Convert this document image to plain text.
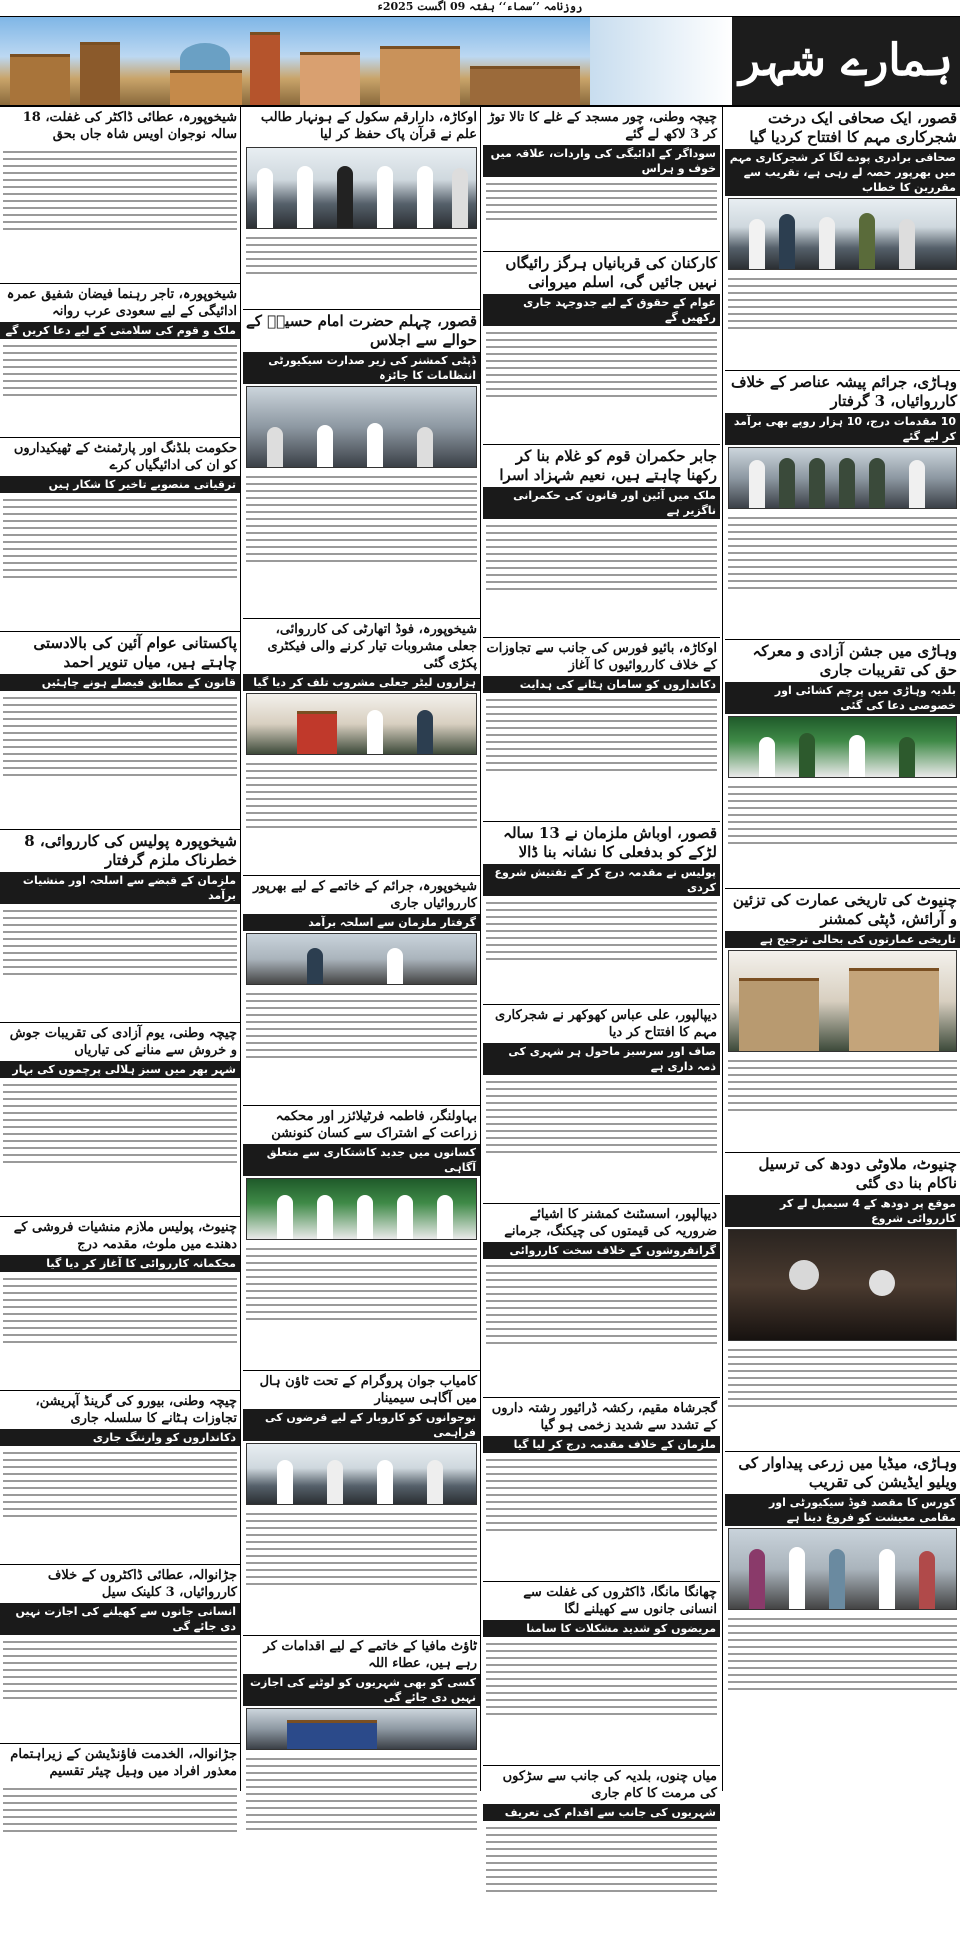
روزنامہ ’’سماء‘‘ ہفتہ 09 اگست 2025ء
ہمارے شہر
قصور، ایک صحافی ایک درخت شجرکاری مہم کا افتتاح کردیا گیا
صحافی برادری پودے لگا کر شجرکاری مہم میں بھرپور حصہ لے رہی ہے، تقریب سے مقررین کا خطاب
وہاڑی، جرائم پیشہ عناصر کے خلاف کارروائیاں، 3 گرفتار
10 مقدمات درج، 10 ہزار روپے بھی برآمد کر لیے گئے
وہاڑی میں جشن آزادی و معرکہ حق کی تقریبات جاری
بلدیہ وہاڑی میں پرچم کشائی اور خصوصی دعا کی گئی
چنیوٹ کی تاریخی عمارت کی تزئین و آرائش، ڈپٹی کمشنر
تاریخی عمارتوں کی بحالی ترجیح ہے
چنیوٹ، ملاوٹی دودھ کی ترسیل ناکام بنا دی گئی
موقع پر دودھ کے 4 سیمپل لے کر کارروائی شروع
وہاڑی، میڈیا میں زرعی پیداوار کی ویلیو ایڈیشن کی تقریب
کورس کا مقصد فوڈ سیکیورٹی اور مقامی معیشت کو فروغ دینا ہے
چیچہ وطنی، چور مسجد کے غلے کا تالا توڑ کر 3 لاکھ لے گئے
سوداگر کے ادائیگی کی واردات، علاقہ میں خوف و ہراس
کارکنان کی قربانیاں ہرگز رائیگاں نہیں جائیں گی، اسلم میروانی
عوام کے حقوق کے لیے جدوجہد جاری رکھیں گے
جابر حکمران قوم کو غلام بنا کر رکھنا چاہتے ہیں، نعیم شہزاد اسرا
ملک میں آئین اور قانون کی حکمرانی ناگزیر ہے
اوکاڑہ، بائیو فورس کی جانب سے تجاوزات کے خلاف کارروائیوں کا آغاز
دکانداروں کو سامان ہٹانے کی ہدایت
قصور، اوباش ملزمان نے 13 سالہ لڑکے کو بدفعلی کا نشانہ بنا ڈالا
پولیس نے مقدمہ درج کر کے تفتیش شروع کردی
دیپالپور، علی عباس کھوکھر نے شجرکاری مہم کا افتتاح کر دیا
صاف اور سرسبز ماحول ہر شہری کی ذمہ داری ہے
دیپالپور، اسسٹنٹ کمشنر کا اشیائے ضروریہ کی قیمتوں کی چیکنگ، جرمانے
گرانفروشوں کے خلاف سخت کارروائی
گجرشاہ مقیم، رکشہ ڈرائیور رشتہ داروں کے تشدد سے شدید زخمی ہو گیا
ملزمان کے خلاف مقدمہ درج کر لیا گیا
چھانگا مانگا، ڈاکٹروں کی غفلت سے انسانی جانوں سے کھیلنے لگا
مریضوں کو شدید مشکلات کا سامنا
میاں چنوں، بلدیہ کی جانب سے سڑکوں کی مرمت کا کام جاری
شہریوں کی جانب سے اقدام کی تعریف
اوکاڑہ، دارارقم سکول کے ہونہار طالب علم نے قرآن پاک حفظ کر لیا
قصور، چہلم حضرت امام حسینؑ کے حوالے سے اجلاس
ڈپٹی کمشنر کی زیر صدارت سیکیورٹی انتظامات کا جائزہ
شیخوپورہ، فوڈ اتھارٹی کی کارروائی، جعلی مشروبات تیار کرنے والی فیکٹری پکڑی گئی
ہزاروں لیٹر جعلی مشروب تلف کر دیا گیا
شیخوپورہ، جرائم کے خاتمے کے لیے بھرپور کارروائیاں جاری
گرفتار ملزمان سے اسلحہ برآمد
بہاولنگر، فاطمہ فرٹیلائزر اور محکمہ زراعت کے اشتراک سے کسان کنونشن
کسانوں میں جدید کاشتکاری سے متعلق آگاہی
کامیاب جوان پروگرام کے تحت ٹاؤن ہال میں آگاہی سیمینار
نوجوانوں کو کاروبار کے لیے قرضوں کی فراہمی
ٹاؤٹ مافیا کے خاتمے کے لیے اقدامات کر رہے ہیں، عطاء اللہ
کسی کو بھی شہریوں کو لوٹنے کی اجازت نہیں دی جائے گی
شیخوپورہ، عطائی ڈاکٹر کی غفلت، 18 سالہ نوجوان اویس شاہ جاں بحق
شیخوپورہ، تاجر رہنما فیضان شفیق عمرہ ادائیگی کے لیے سعودی عرب روانہ
ملک و قوم کی سلامتی کے لیے دعا کریں گے
حکومت بلڈنگ اور پارٹمنٹ کے ٹھیکیداروں کو ان کی ادائیگیاں کرے
ترقیاتی منصوبے تاخیر کا شکار ہیں
پاکستانی عوام آئین کی بالادستی چاہتے ہیں، میاں تنویر احمد
قانون کے مطابق فیصلے ہونے چاہئیں
شیخوپورہ پولیس کی کارروائی، 8 خطرناک ملزم گرفتار
ملزمان کے قبضے سے اسلحہ اور منشیات برآمد
چیچہ وطنی، یوم آزادی کی تقریبات جوش و خروش سے منانے کی تیاریاں
شہر بھر میں سبز ہلالی پرچموں کی بہار
چنیوٹ، پولیس ملازم منشیات فروشی کے دھندے میں ملوث، مقدمہ درج
محکمانہ کارروائی کا آغاز کر دیا گیا
چیچہ وطنی، بیورو کی گرینڈ آپریشن، تجاوزات ہٹانے کا سلسلہ جاری
دکانداروں کو وارننگ جاری
جڑانوالہ، عطائی ڈاکٹروں کے خلاف کارروائیاں، 3 کلینک سیل
انسانی جانوں سے کھیلنے کی اجازت نہیں دی جائے گی
جڑانوالہ، الخدمت فاؤنڈیشن کے زیراہتمام معذور افراد میں وہیل چیئر تقسیم
